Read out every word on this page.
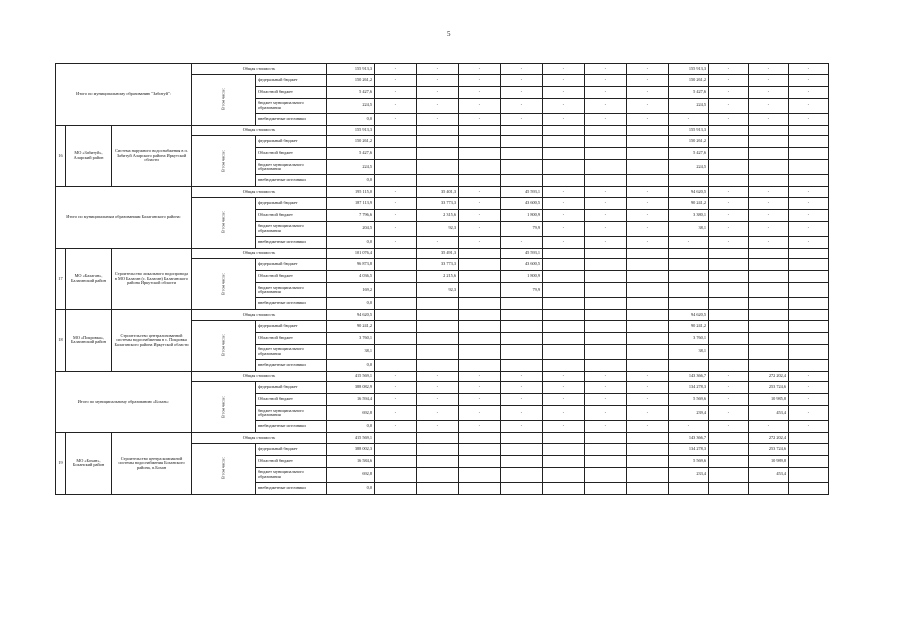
5
Итого по муниципальному образованию "Забитуй":			Общая стоимость		155 913,3	-	-	-	-	-	-	-	155 913,3	-	-	-
			В том числе:	федеральный бюджет	150 261,2	-	-	-	-	-	-	-	150 261,2	-	-	-
				Областной бюджет	5 427,6	-	-	-	-	-	-	-	5 427,6	-	-	-
				бюджет муниципального образования	224,5	-	-	-	-	-	-	-	224,5	-	-	-
				внебюджетные источники	0,0	-	-	-	-	-	-	-	-	-	-	-
16	МО «Забитуй», Аларский район	Система наружного водоснабжения в п. Забитуй Аларского района Иркутской области	Общая стоимость		155 913,3								155 913,3			
			В том числе:	федеральный бюджет	150 261,2								150 261,2			
				Областной бюджет	5 427,6								5 427,6			
				бюджет муниципального образования	224,5								224,5			
				внебюджетные источники	0,0											
Итого по муниципальным образованиям Балаганского района:			Общая стоимость		195 115,0	-	35 401,3	-	45 593,1	-	-	-	94 620,5	-	-	-
			В том числе:	федеральный бюджет	187 113,9	-	33 773,3	-	43 600,5	-	-	-	90 241,2	-	-	-
				Областной бюджет	7 796,6	-	2 315,6	-	1 800,9	-	-	-	3 380,1	-	-	-
				бюджет муниципального образования	204,5	-	92,3	-	79,9	-	-	-	38,1	-	-	-
				внебюджетные источники	0,0	-	-	-	-	-	-	-	-	-	-	-
17	МО «Балаган», Балаганский район	Строительство ликального водопровода в МО Балаган (с. Балаган) Балаганского района Иркутской области	Общая стоимость		101 076,4		35 491,3		45 593,1							
			В том числе:	федеральный бюджет	96 873,8		33 773,3		43 600,5							
				Областной бюджет	4 036,5		2 215,6		1 800,9							
				бюджет муниципального образования	169,2		92,3		79,9							
				внебюджетные источники	0,0											
18	МО «Покровка», Балаганский район	Строительство централизованной системы водоснабжения в с. Покровка Балаганского района Иркутской области	Общая стоимость		94 620,5								94 620,5			
			В том числе:	федеральный бюджет	90 241,2								90 241,2			
				Областной бюджет	3 760,1								3 760,1			
				бюджет муниципального образования	38,1								38,1			
				внебюджетные источники	0,0											
Итого по муниципальному образованию «Бохан»:			Общая стоимость		415 569,1	-	-	-	-	-	-	-	143 366,7	-	272 202,4	-
			В том числе:	федеральный бюджет	388 082,9	-	-	-	-	-	-	-	134 278,3	-	253 724,6	-
				Областной бюджет	16 594,4	-	-	-	-	-	-	-	5 569,6	-	10 985,8	-
				бюджет муниципального образования	692,8	-	-	-	-	-	-	-	239,4	-	453,4	-
				внебюджетные источники	0,0	-	-	-	-	-	-	-	-	-	-	-
19	МО «Бохан», Боханский район	Строительство центра компакной системы водоснабжения Боханского района, п.Бохан	Общая стоимость		415 569,1								143 366,7		272 202,4	
			В том числе:	федеральный бюджет	388 002,3								134 278,3		253 724,6	
				Областной бюджет	16 584,6								5 569,6		10 989,8	
				бюджет муниципального образования	692,8								233,4		453,4	
				внебюджетные источники	0,0											
